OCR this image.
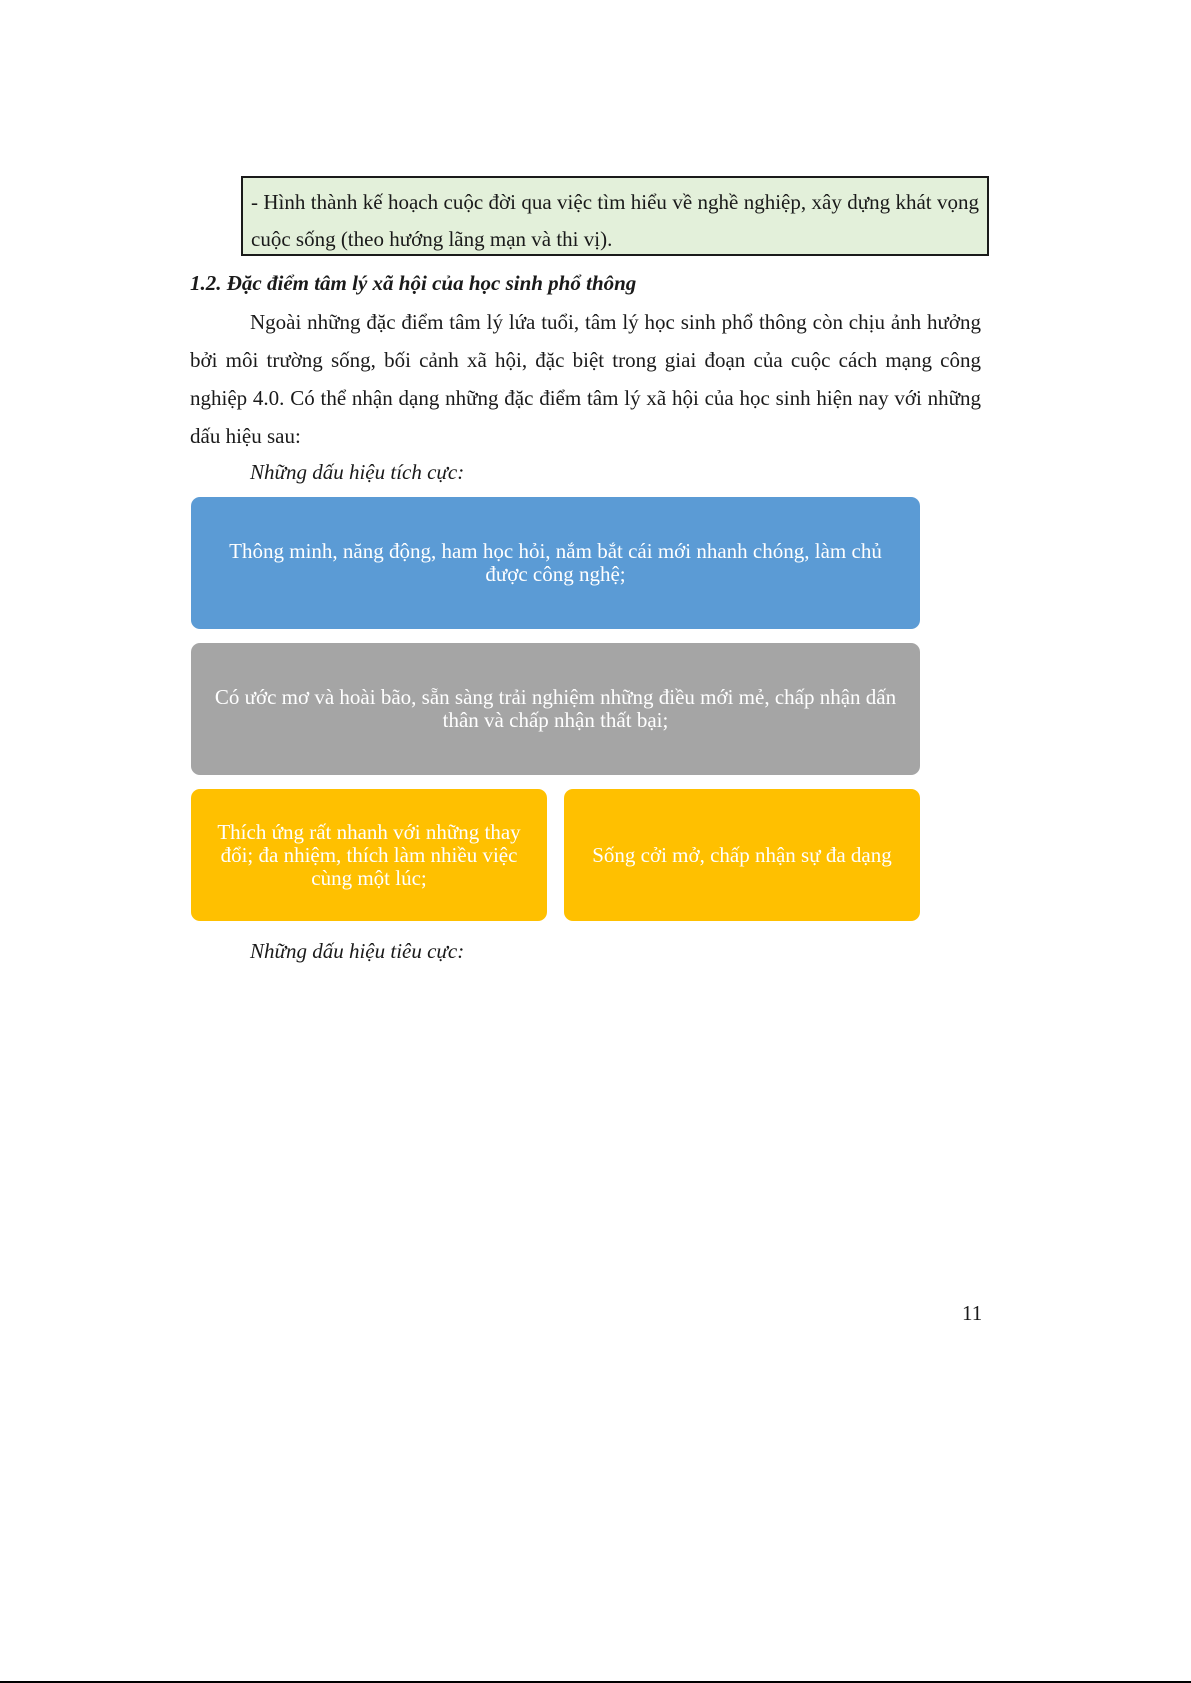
- Hình thành kế hoạch cuộc đời qua việc tìm hiểu về nghề nghiệp, xây dựng khát vọng cuộc sống (theo hướng lãng mạn và thi vị).
1.2. Đặc điểm tâm lý xã hội của học sinh phổ thông

Ngoài những đặc điểm tâm lý lứa tuổi, tâm lý học sinh phổ thông còn chịu ảnh hưởng bởi môi trường sống, bối cảnh xã hội, đặc biệt trong giai đoạn của cuộc cách mạng công nghiệp 4.0. Có thể nhận dạng những đặc điểm tâm lý xã hội của học sinh hiện nay với những dấu hiệu sau:

Những dấu hiệu tích cực:
Thông minh, năng động, ham học hỏi, nắm bắt cái mới nhanh chóng, làm chủ được công nghệ;
Có ước mơ và hoài bão, sẵn sàng trải nghiệm những điều mới mẻ, chấp nhận dấn thân và chấp nhận thất bại;
Thích ứng rất nhanh với những thay đổi; đa nhiệm, thích làm nhiều việc cùng một lúc;
Sống cởi mở, chấp nhận sự đa dạng
Những dấu hiệu tiêu cực:
11
